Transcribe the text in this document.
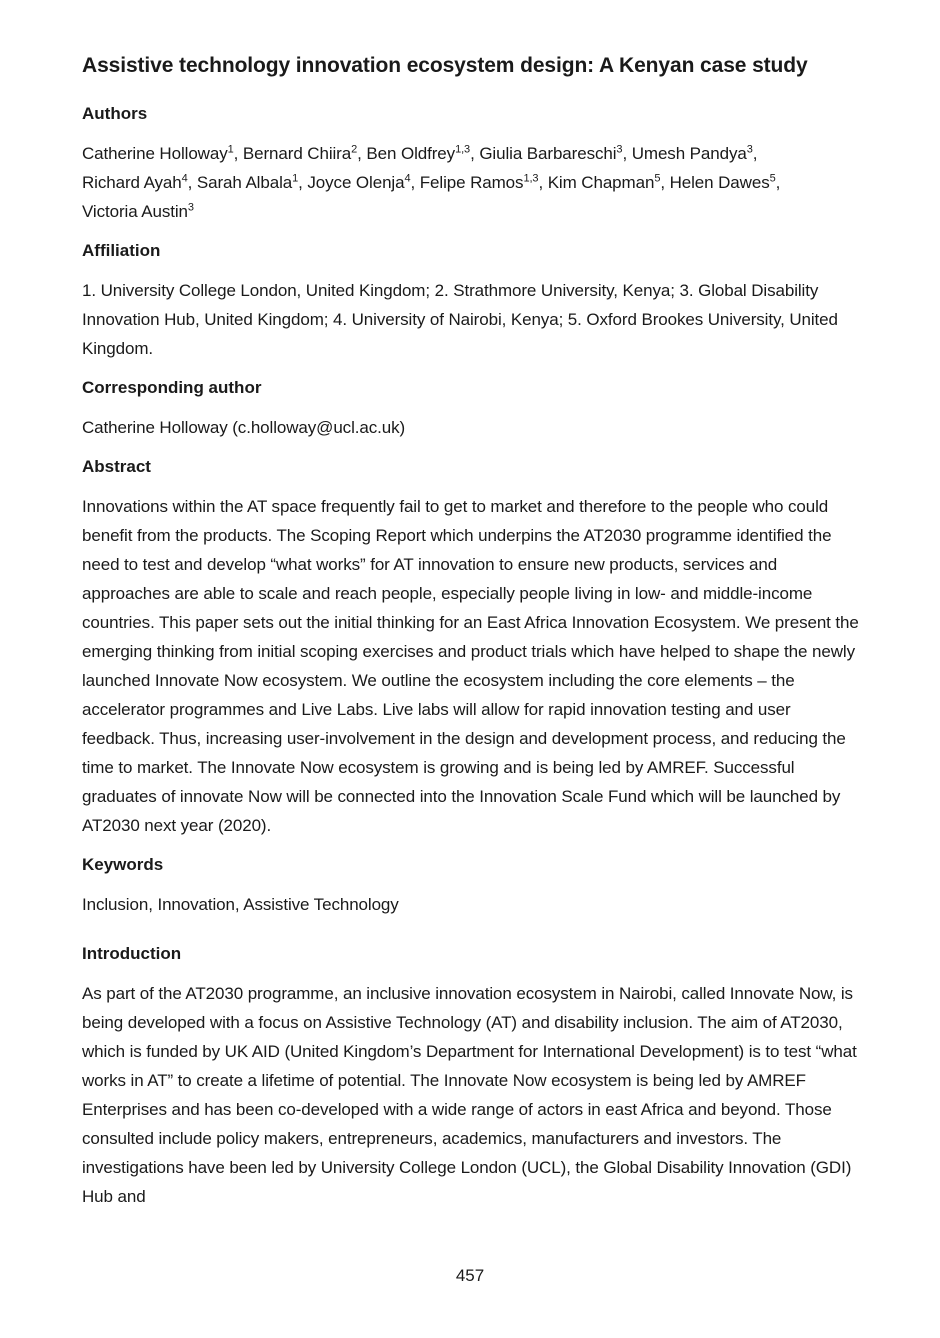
Assistive technology innovation ecosystem design: A Kenyan case study
Authors

Catherine Holloway$^1$, Bernard Chiira$^2$, Ben Oldfrey$^{1,3}$, Giulia Barbareschi$^3$, Umesh Pandya$^3$,
Richard Ayah$^4$, Sarah Albala$^1$, Joyce Olenja$^4$, Felipe Ramos$^{1,3}$, Kim Chapman$^5$, Helen Dawes$^5$,
Victoria Austin$^3$

Affiliation

1. University College London, United Kingdom; 2. Strathmore University, Kenya; 3. Global Disability Innovation Hub, United Kingdom; 4. University of Nairobi, Kenya; 5. Oxford Brookes University, United Kingdom.

Corresponding author

Catherine Holloway (c.holloway@ucl.ac.uk)

Abstract

Innovations within the AT space frequently fail to get to market and therefore to the people who could benefit from the products. The Scoping Report which underpins the AT2030 programme identified the need to test and develop “what works” for AT innovation to ensure new products, services and approaches are able to scale and reach people, especially people living in low- and middle-income countries. This paper sets out the initial thinking for an East Africa Innovation Ecosystem. We present the emerging thinking from initial scoping exercises and product trials which have helped to shape the newly launched Innovate Now ecosystem. We outline the ecosystem including the core elements – the accelerator programmes and Live Labs. Live labs will allow for rapid innovation testing and user feedback. Thus, increasing user-involvement in the design and development process, and reducing the time to market. The Innovate Now ecosystem is growing and is being led by AMREF. Successful graduates of innovate Now will be connected into the Innovation Scale Fund which will be launched by AT2030 next year (2020).

Keywords

Inclusion, Innovation, Assistive Technology

Introduction

As part of the AT2030 programme, an inclusive innovation ecosystem in Nairobi, called Innovate Now, is being developed with a focus on Assistive Technology (AT) and disability inclusion. The aim of AT2030, which is funded by UK AID (United Kingdom’s Department for International Development) is to test “what works in AT” to create a lifetime of potential. The Innovate Now ecosystem is being led by AMREF Enterprises and has been co-developed with a wide range of actors in east Africa and beyond. Those consulted include policy makers, entrepreneurs, academics, manufacturers and investors. The investigations have been led by University College London (UCL), the Global Disability Innovation (GDI) Hub and

457
